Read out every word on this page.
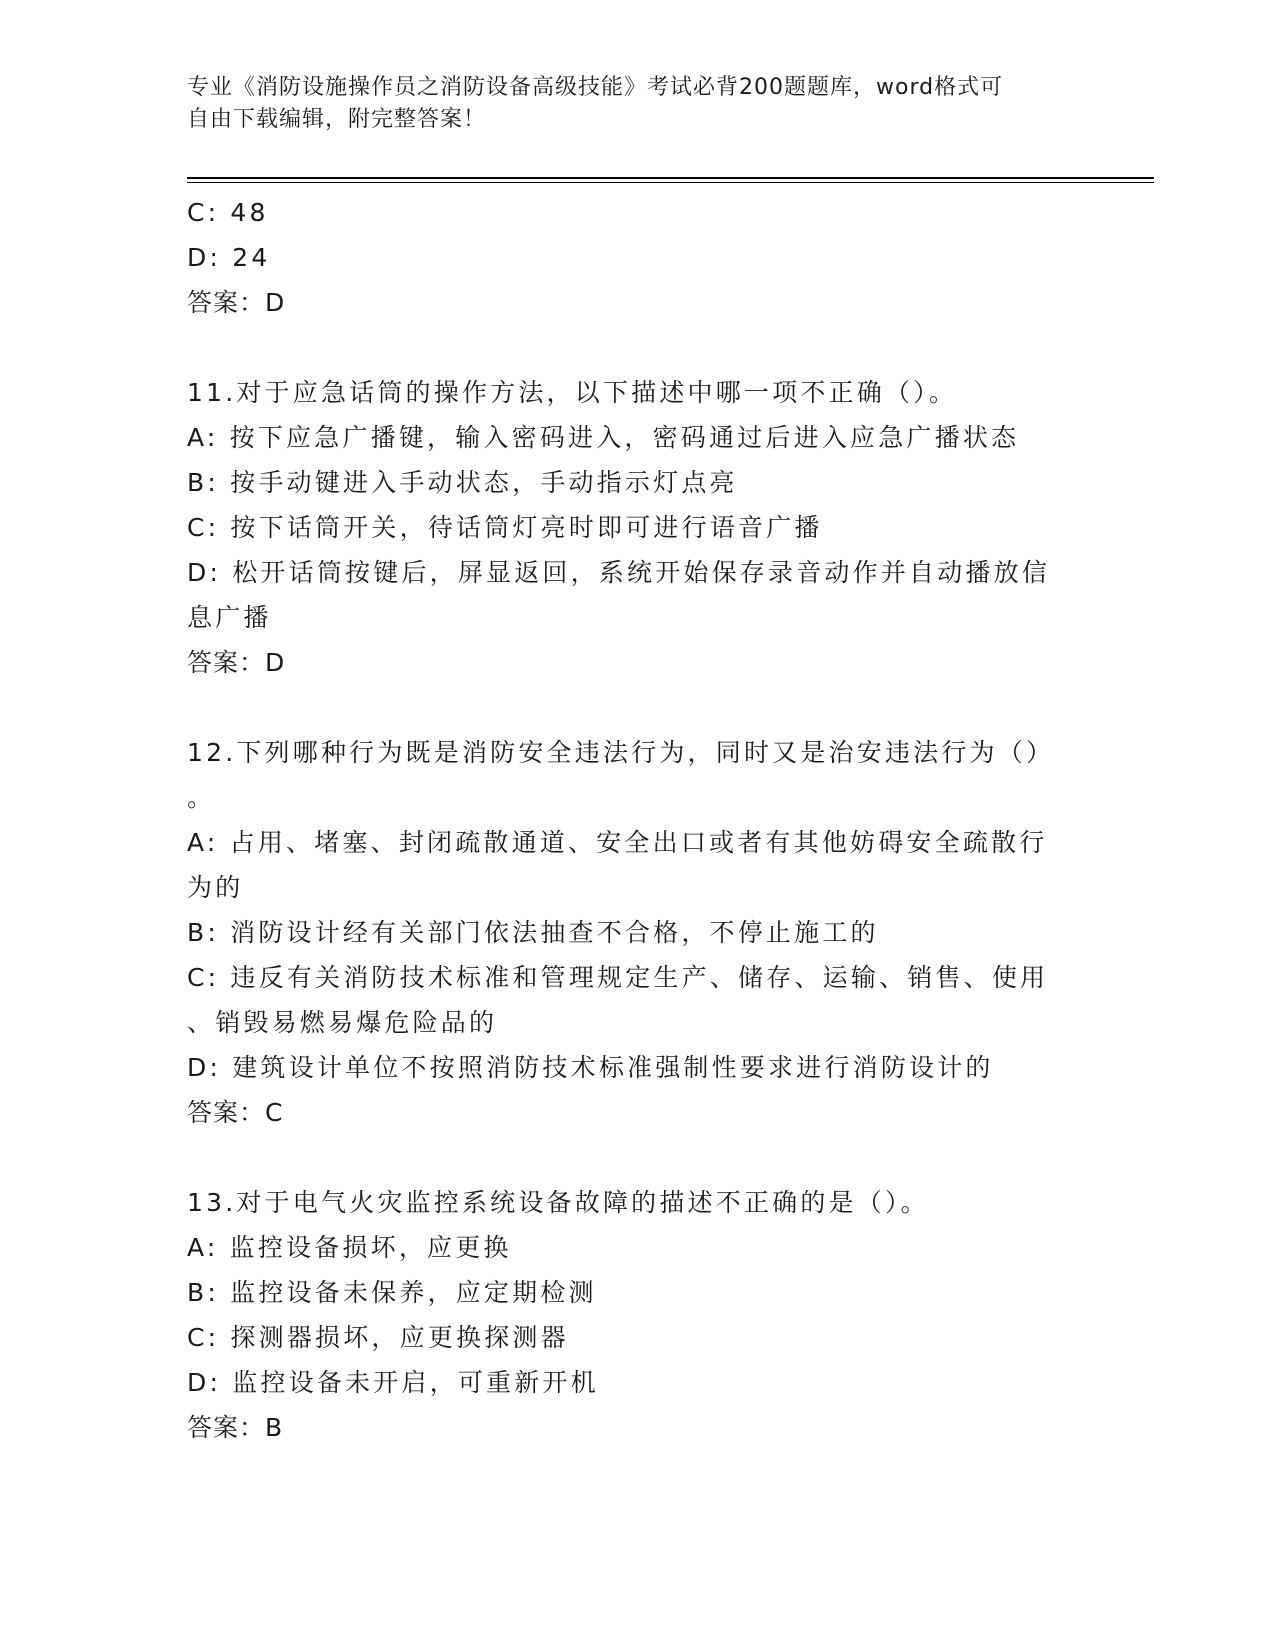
专业《消防设施操作员之消防设备高级技能》考试必背200题题库，word格式可
自由下载编辑，附完整答案！
C: 48
D: 24
答案：D
11.对于应急话筒的操作方法，以下描述中哪一项不正确（）。
A: 按下应急广播键，输入密码进入，密码通过后进入应急广播状态
B: 按手动键进入手动状态，手动指示灯点亮
C: 按下话筒开关，待话筒灯亮时即可进行语音广播
D: 松开话筒按键后，屏显返回，系统开始保存录音动作并自动播放信
息广播
答案：D
12.下列哪种行为既是消防安全违法行为，同时又是治安违法行为（）
。
A: 占用、堵塞、封闭疏散通道、安全出口或者有其他妨碍安全疏散行
为的
B: 消防设计经有关部门依法抽查不合格，不停止施工的
C: 违反有关消防技术标准和管理规定生产、储存、运输、销售、使用
、销毁易燃易爆危险品的
D: 建筑设计单位不按照消防技术标准强制性要求进行消防设计的
答案：C
13.对于电气火灾监控系统设备故障的描述不正确的是（）。
A: 监控设备损坏，应更换
B: 监控设备未保养，应定期检测
C: 探测器损坏，应更换探测器
D: 监控设备未开启，可重新开机
答案：B
